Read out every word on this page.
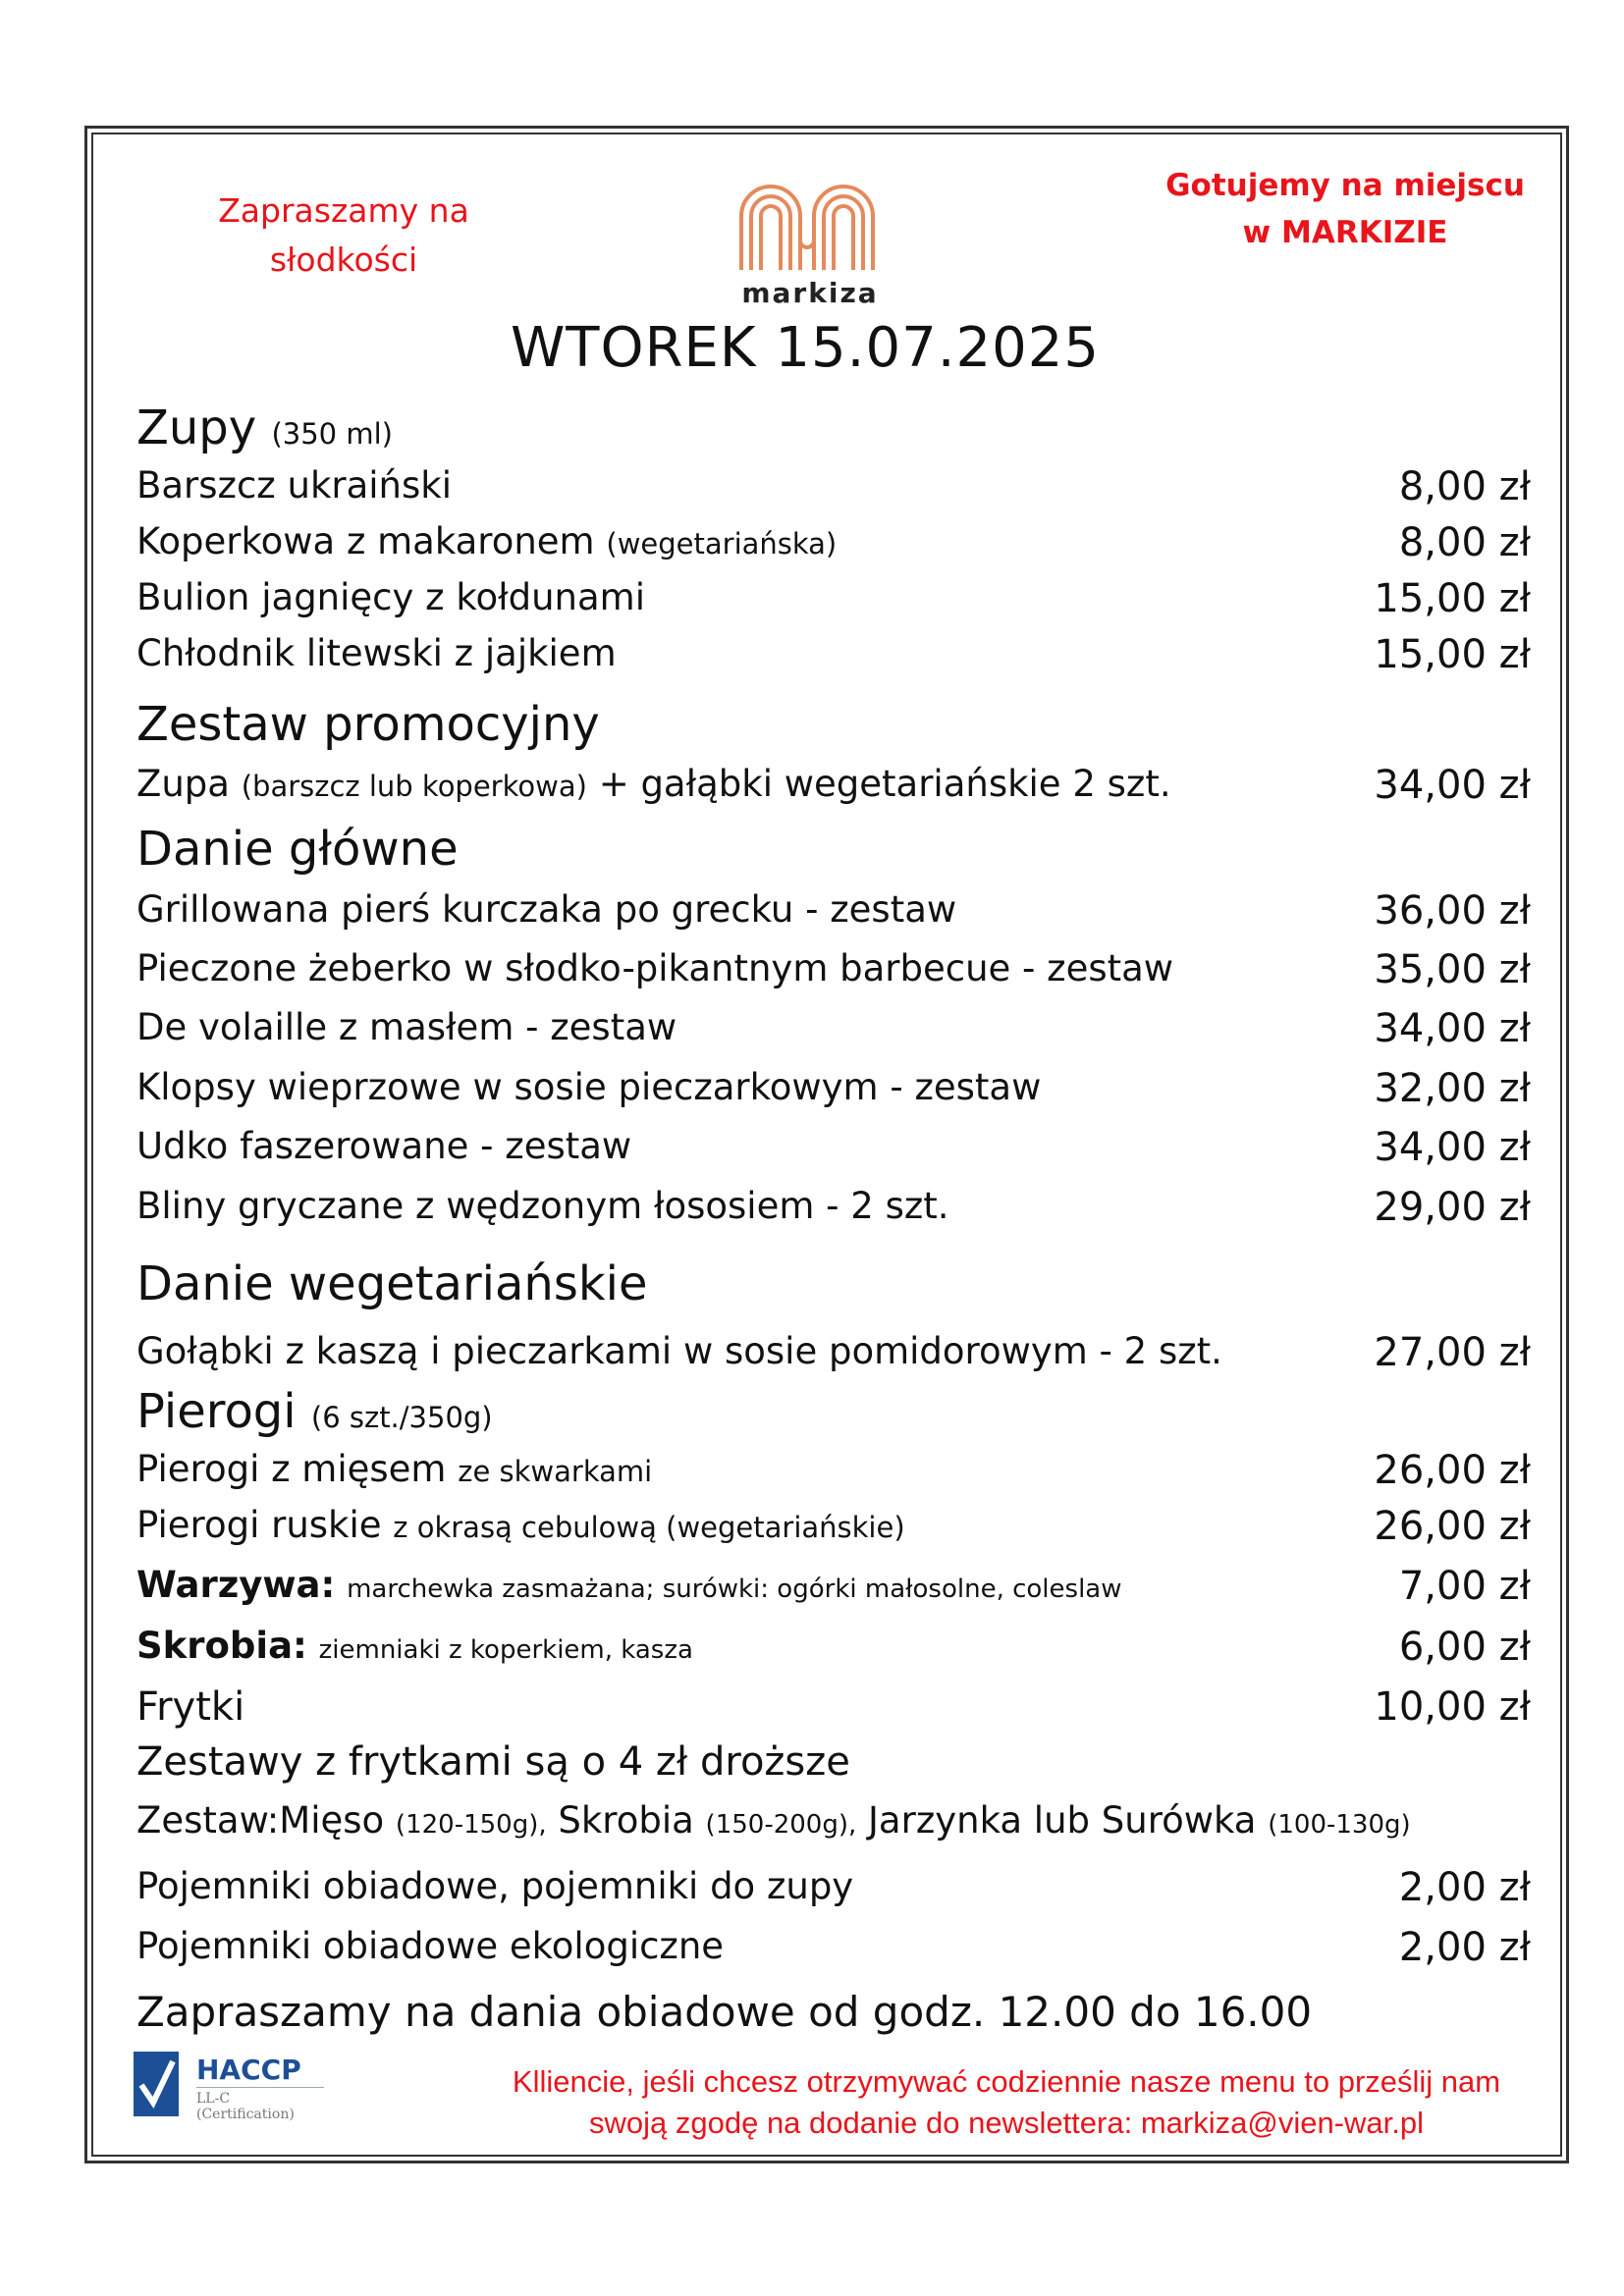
Zapraszamy na
słodkości
Gotujemy na miejscu
w MARKIZIE
markiza
WTOREK 15.07.2025
Zupy (350 ml)
Barszcz ukraiński	8,00 zł
Koperkowa z makaronem (wegetariańska)	8,00 zł
Bulion jagnięcy z kołdunami	15,00 zł
Chłodnik litewski z jajkiem	15,00 zł
Zestaw promocyjny
Zupa (barszcz lub koperkowa) + gałąbki wegetariańskie 2 szt.	34,00 zł
Danie główne
Grillowana pierś kurczaka po grecku - zestaw	36,00 zł
Pieczone żeberko w słodko-pikantnym barbecue - zestaw	35,00 zł
De volaille z masłem - zestaw	34,00 zł
Klopsy wieprzowe w sosie pieczarkowym - zestaw	32,00 zł
Udko faszerowane - zestaw	34,00 zł
Bliny gryczane z wędzonym łososiem - 2 szt.	29,00 zł
Danie wegetariańskie
Gołąbki z kaszą i pieczarkami w sosie pomidorowym - 2 szt.	27,00 zł
Pierogi (6 szt./350g)
Pierogi z mięsem ze skwarkami	26,00 zł
Pierogi ruskie z okrasą cebulową (wegetariańskie)	26,00 zł
Warzywa: marchewka zasmażana; surówki: ogórki małosolne, coleslaw	7,00 zł
Skrobia: ziemniaki z koperkiem, kasza	6,00 zł
Frytki	10,00 zł
Zestawy z frytkami są o 4 zł droższe
Zestaw:Mięso (120-150g), Skrobia (150-200g), Jarzynka lub Surówka (100-130g)
Pojemniki obiadowe, pojemniki do zupy	2,00 zł
Pojemniki obiadowe ekologiczne	2,00 zł
Zapraszamy na dania obiadowe od godz. 12.00 do 16.00
HACCP
LL-C (Certification)
Klliencie, jeśli chcesz otrzymywać codziennie nasze menu to prześlij nam
swoją zgodę na dodanie do newslettera: markiza@vien-war.pl
